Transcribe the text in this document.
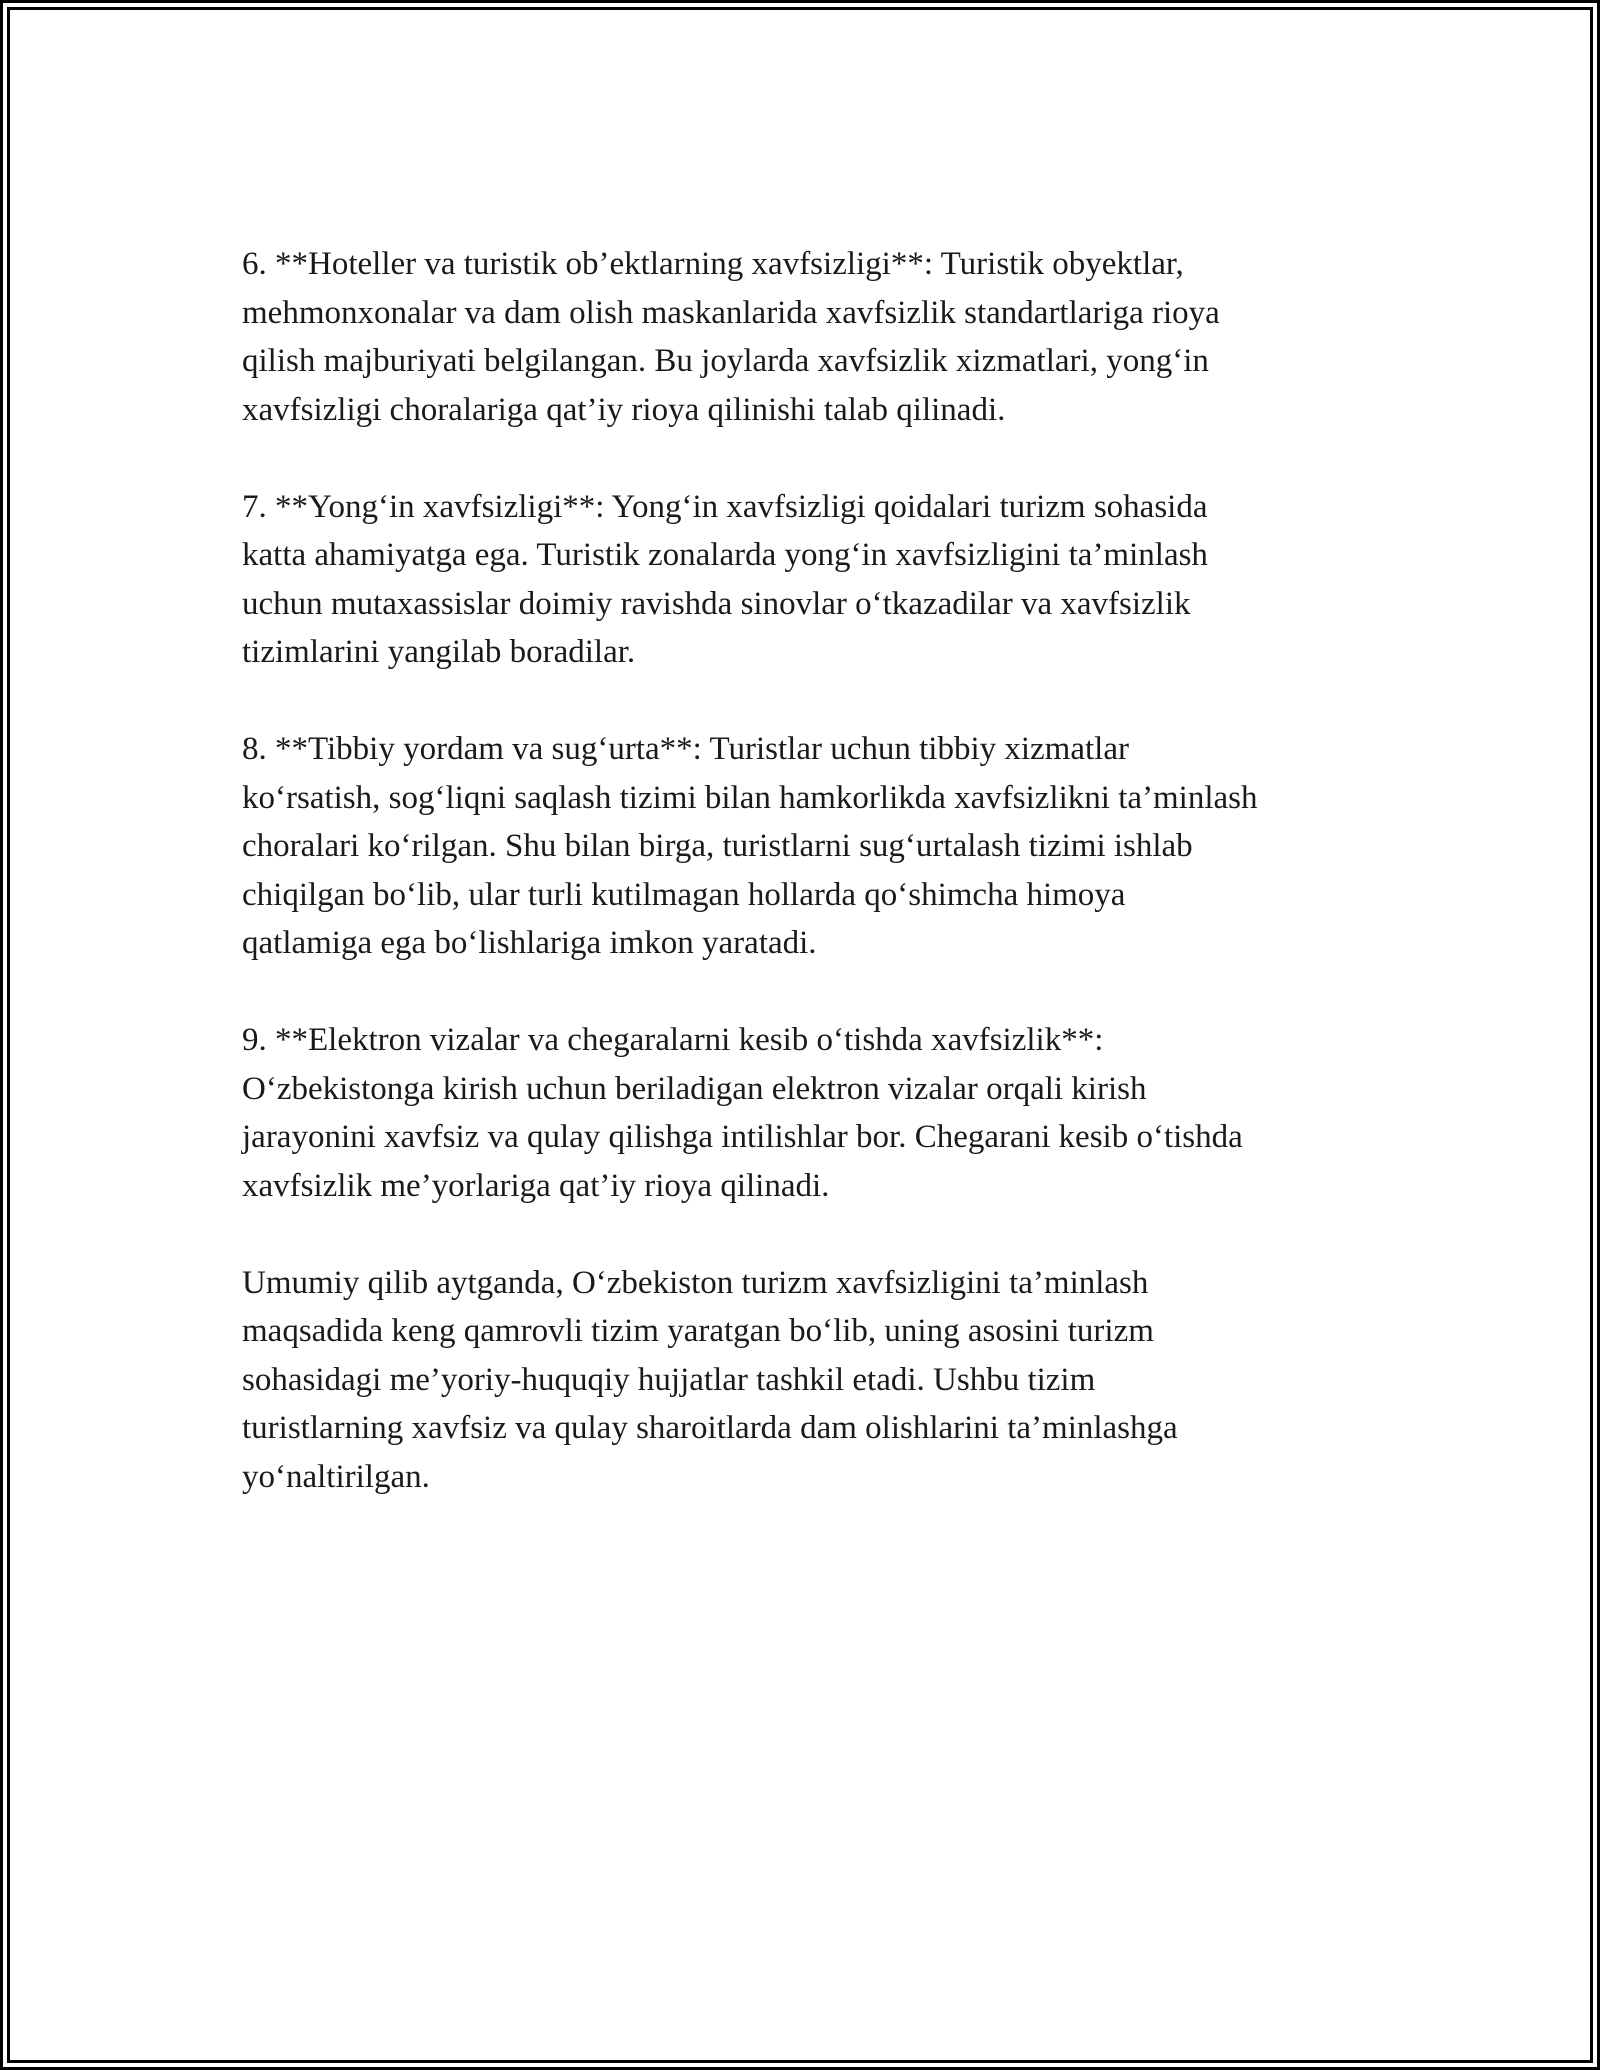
6. **Hoteller va turistik ob’ektlarning xavfsizligi**: Turistik obyektlar,
mehmonxonalar va dam olish maskanlarida xavfsizlik standartlariga rioya
qilish majburiyati belgilangan. Bu joylarda xavfsizlik xizmatlari, yong‘in
xavfsizligi choralariga qat’iy rioya qilinishi talab qilinadi.

7. **Yong‘in xavfsizligi**: Yong‘in xavfsizligi qoidalari turizm sohasida
katta ahamiyatga ega. Turistik zonalarda yong‘in xavfsizligini ta’minlash
uchun mutaxassislar doimiy ravishda sinovlar o‘tkazadilar va xavfsizlik
tizimlarini yangilab boradilar.

8. **Tibbiy yordam va sug‘urta**: Turistlar uchun tibbiy xizmatlar
ko‘rsatish, sog‘liqni saqlash tizimi bilan hamkorlikda xavfsizlikni ta’minlash
choralari ko‘rilgan. Shu bilan birga, turistlarni sug‘urtalash tizimi ishlab
chiqilgan bo‘lib, ular turli kutilmagan hollarda qo‘shimcha himoya
qatlamiga ega bo‘lishlariga imkon yaratadi.

9. **Elektron vizalar va chegaralarni kesib o‘tishda xavfsizlik**:
O‘zbekistonga kirish uchun beriladigan elektron vizalar orqali kirish
jarayonini xavfsiz va qulay qilishga intilishlar bor. Chegarani kesib o‘tishda
xavfsizlik me’yorlariga qat’iy rioya qilinadi.

Umumiy qilib aytganda, O‘zbekiston turizm xavfsizligini ta’minlash
maqsadida keng qamrovli tizim yaratgan bo‘lib, uning asosini turizm
sohasidagi me’yoriy-huquqiy hujjatlar tashkil etadi. Ushbu tizim
turistlarning xavfsiz va qulay sharoitlarda dam olishlarini ta’minlashga
yo‘naltirilgan.
